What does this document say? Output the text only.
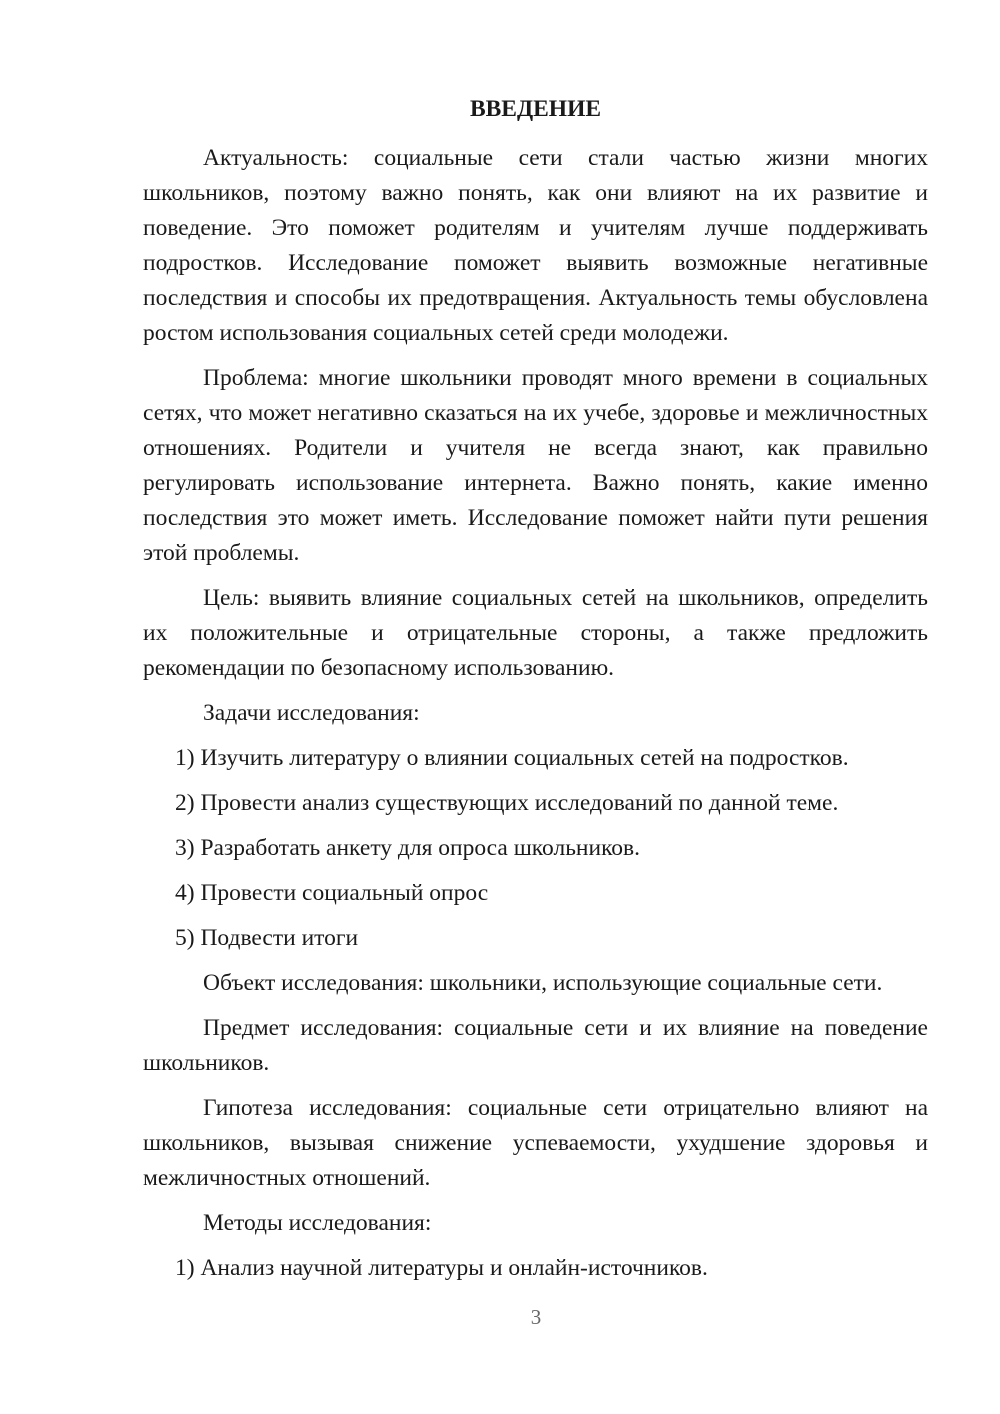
ВВЕДЕНИЕ

Актуальность: социальные сети стали частью жизни многих школьников, поэтому важно понять, как они влияют на их развитие и поведение. Это поможет родителям и учителям лучше поддерживать подростков. Исследование поможет выявить возможные негативные последствия и способы их предотвращения. Актуальность темы обусловлена ростом использования социальных сетей среди молодежи.

Проблема: многие школьники проводят много времени в социальных сетях, что может негативно сказаться на их учебе, здоровье и межличностных отношениях. Родители и учителя не всегда знают, как правильно регулировать использование интернета. Важно понять, какие именно последствия это может иметь. Исследование поможет найти пути решения этой проблемы.

Цель: выявить влияние социальных сетей на школьников, определить их положительные и отрицательные стороны, а также предложить рекомендации по безопасному использованию.

Задачи исследования:

1) Изучить литературу о влиянии социальных сетей на подростков.
2) Провести анализ существующих исследований по данной теме.
3) Разработать анкету для опроса школьников.
4) Провести социальный опрос
5) Подвести итоги

Объект исследования: школьники, использующие социальные сети.

Предмет исследования: социальные сети и их влияние на поведение школьников.

Гипотеза исследования: социальные сети отрицательно влияют на школьников, вызывая снижение успеваемости, ухудшение здоровья и межличностных отношений.

Методы исследования:

1) Анализ научной литературы и онлайн-источников.
3
